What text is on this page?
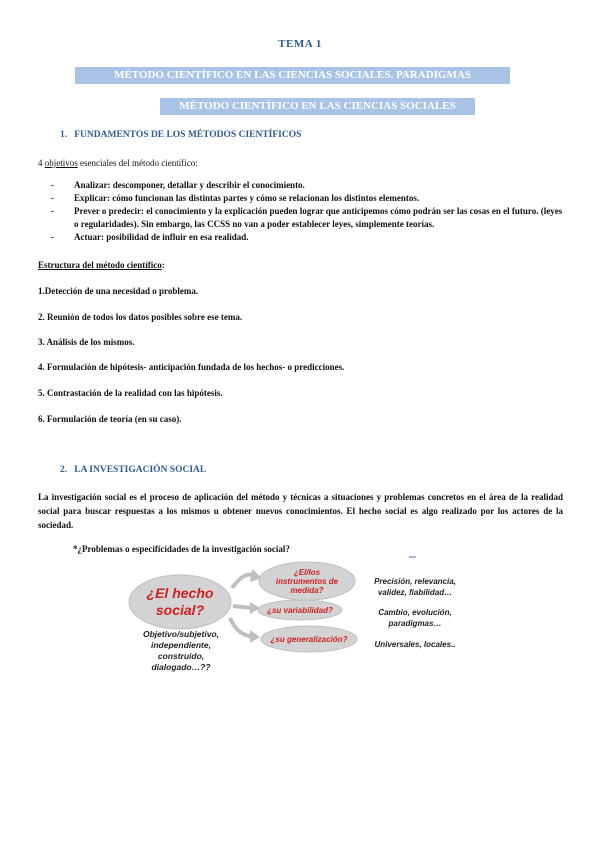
TEMA 1
MÉTODO CIENTÍFICO EN LAS CIENCIAS SOCIALES. PARADIGMAS
MÉTODO CIENTÍFICO EN LAS CIENCIAS SOCIALES
1.   FUNDAMENTOS DE LOS MÉTODOS CIENTÍFICOS
4 objetivos esenciales del método científico:
- Analizar: descomponer, detallar y describir el conocimiento.
- Explicar: cómo funcionan las distintas partes y cómo se relacionan los distintos elementos.
- Prever o predecir: el conocimiento y la explicación pueden lograr que anticipemos cómo podrán ser las cosas en el futuro. (leyes o regularidades). Sin embargo, las CCSS no van a poder establecer leyes, simplemente teorías.
- Actuar: posibilidad de influir en esa realidad.
Estructura del método científico:
1.Detección de una necesidad o problema.
2. Reunión de todos los datos posibles sobre ese tema.
3. Análisis de los mismos.
4. Formulación de hipótesis- anticipación fundada de los hechos- o predicciones.
5. Contrastación de la realidad con las hipótesis.
6. Formulación de teoría (en su caso).
2.   LA INVESTIGACIÓN SOCIAL
La investigación social es el proceso de aplicación del método y técnicas a situaciones y problemas concretos en el área de la realidad social para buscar respuestas a los mismos u obtener nuevos conocimientos. El hecho social es algo realizado por los actores de la sociedad.
*¿Problemas o especificidades de la investigación social?
¿El hecho
social?
Objetivo/subjetivo,
independiente,
construido,
dialogado…??
¿El/los
instrumentos de
medida?
¿su variabilidad?
¿su generalización?
Precisión, relevancia,
validez, fiabilidad…
Cambio, evolución,
paradigmas…
Universales, locales..
